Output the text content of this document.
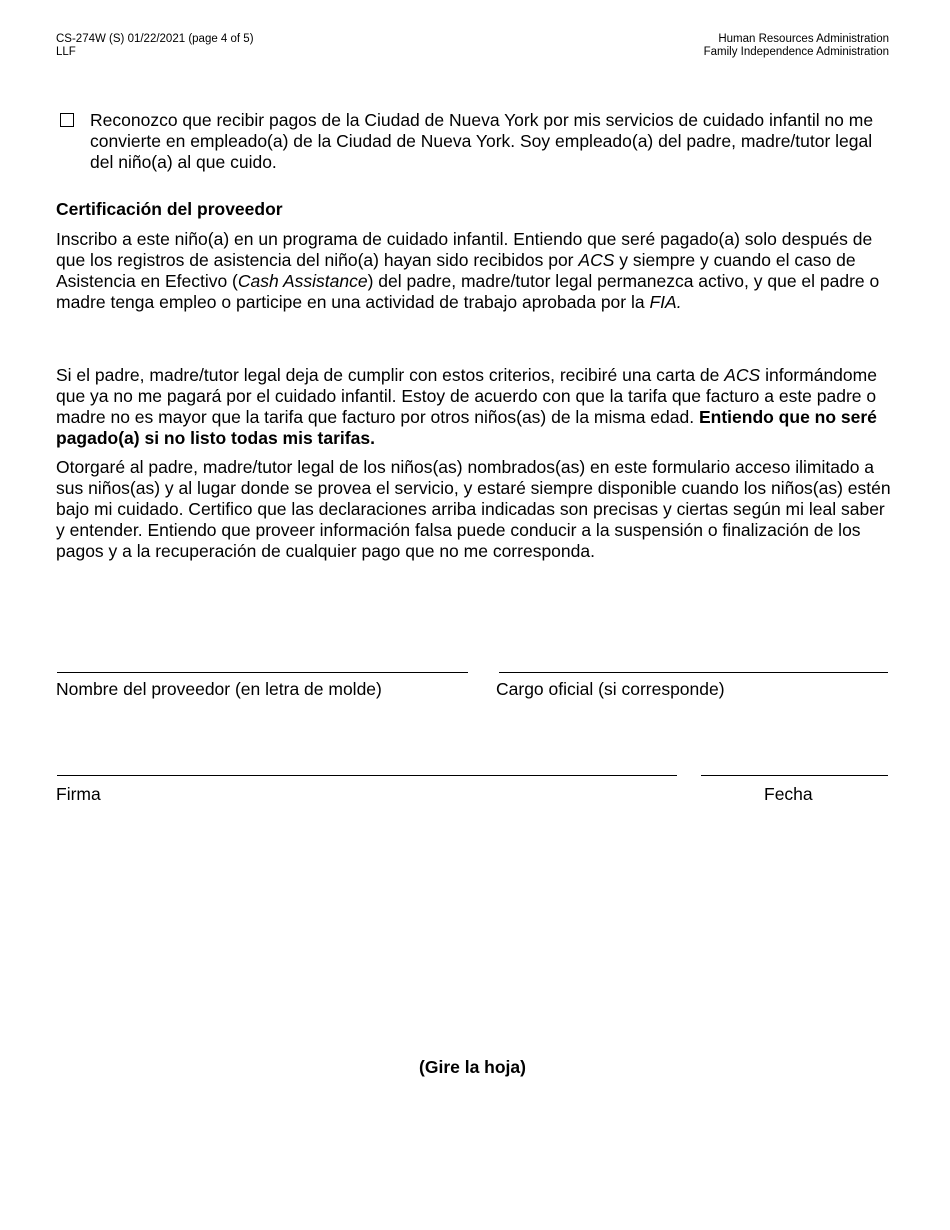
CS-274W (S) 01/22/2021 (page 4 of 5)
LLF
Human Resources Administration
Family Independence Administration
Reconozco que recibir pagos de la Ciudad de Nueva York por mis servicios de cuidado infantil no me convierte en empleado(a) de la Ciudad de Nueva York. Soy empleado(a) del padre, madre/tutor legal del niño(a) al que cuido.
Certificación del proveedor

Inscribo a este niño(a) en un programa de cuidado infantil. Entiendo que seré pagado(a) solo después de que los registros de asistencia del niño(a) hayan sido recibidos por ACS y siempre y cuando el caso de Asistencia en Efectivo (Cash Assistance) del padre, madre/tutor legal permanezca activo, y que el padre o madre tenga empleo o participe en una actividad de trabajo aprobada por la FIA.

Si el padre, madre/tutor legal deja de cumplir con estos criterios, recibiré una carta de ACS informándome que ya no me pagará por el cuidado infantil. Estoy de acuerdo con que la tarifa que facturo a este padre o madre no es mayor que la tarifa que facturo por otros niños(as) de la misma edad. Entiendo que no seré pagado(a) si no listo todas mis tarifas.

Otorgaré al padre, madre/tutor legal de los niños(as) nombrados(as) en este formulario acceso ilimitado a sus niños(as) y al lugar donde se provea el servicio, y estaré siempre disponible cuando los niños(as) estén bajo mi cuidado. Certifico que las declaraciones arriba indicadas son precisas y ciertas según mi leal saber y entender. Entiendo que proveer información falsa puede conducir a la suspensión o finalización de los pagos y a la recuperación de cualquier pago que no me corresponda.

Nombre del proveedor (en letra de molde)	Cargo oficial (si corresponde)
Firma	Fecha
(Gire la hoja)
